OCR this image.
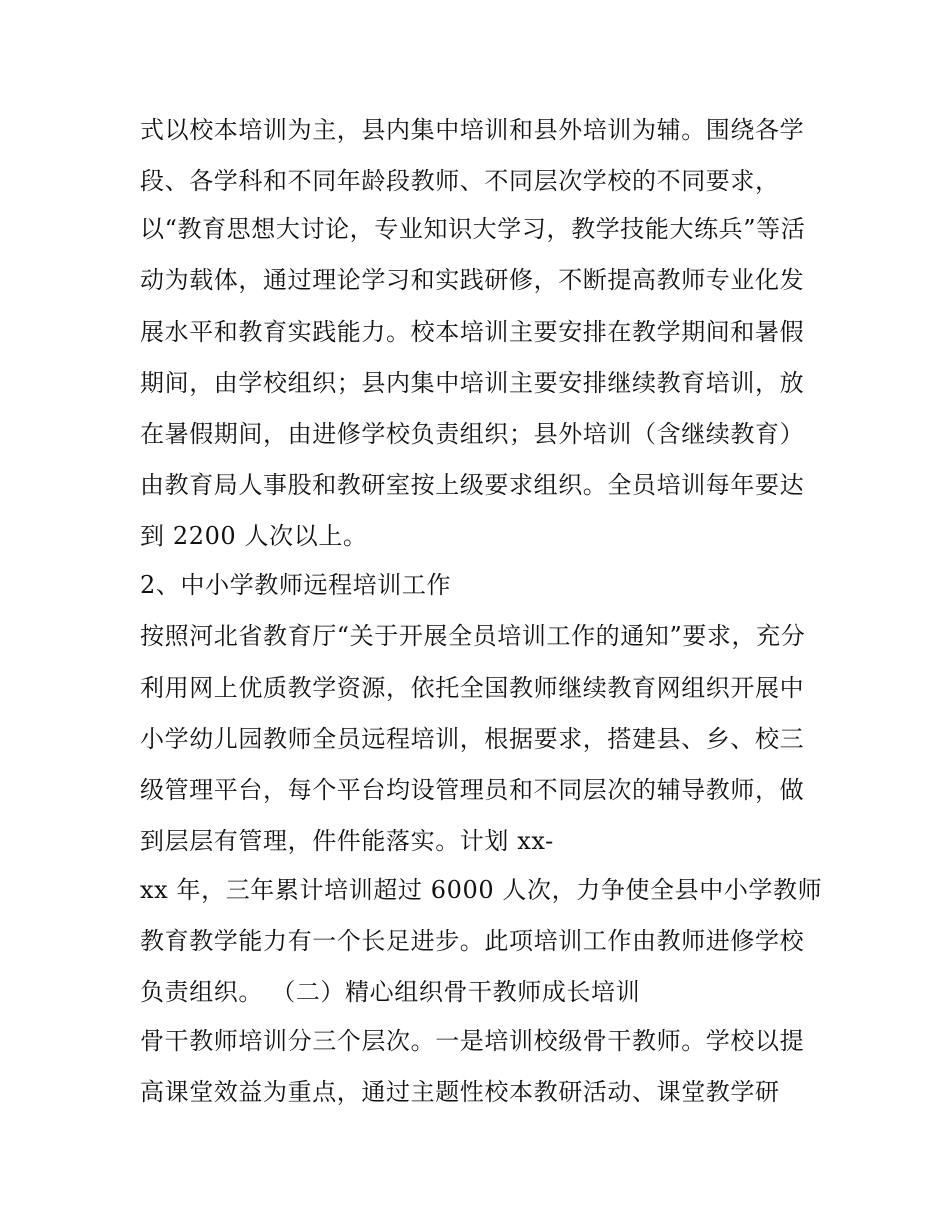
式以校本培训为主，县内集中培训和县外培训为辅。围绕各学
段、各学科和不同年龄段教师、不同层次学校的不同要求，
以“教育思想大讨论，专业知识大学习，教学技能大练兵”等活
动为载体，通过理论学习和实践研修，不断提高教师专业化发
展水平和教育实践能力。校本培训主要安排在教学期间和暑假
期间，由学校组织；县内集中培训主要安排继续教育培训，放
在暑假期间，由进修学校负责组织；县外培训（含继续教育）
由教育局人事股和教研室按上级要求组织。全员培训每年要达
到 2200 人次以上。
2、中小学教师远程培训工作
按照河北省教育厅“关于开展全员培训工作的通知”要求，充分
利用网上优质教学资源，依托全国教师继续教育网组织开展中
小学幼儿园教师全员远程培训，根据要求，搭建县、乡、校三
级管理平台，每个平台均设管理员和不同层次的辅导教师，做
到层层有管理，件件能落实。计划 xx-
xx 年，三年累计培训超过 6000 人次，力争使全县中小学教师
教育教学能力有一个长足进步。此项培训工作由教师进修学校
负责组织。 （二）精心组织骨干教师成长培训
骨干教师培训分三个层次。一是培训校级骨干教师。学校以提
高课堂效益为重点，通过主题性校本教研活动、课堂教学研
